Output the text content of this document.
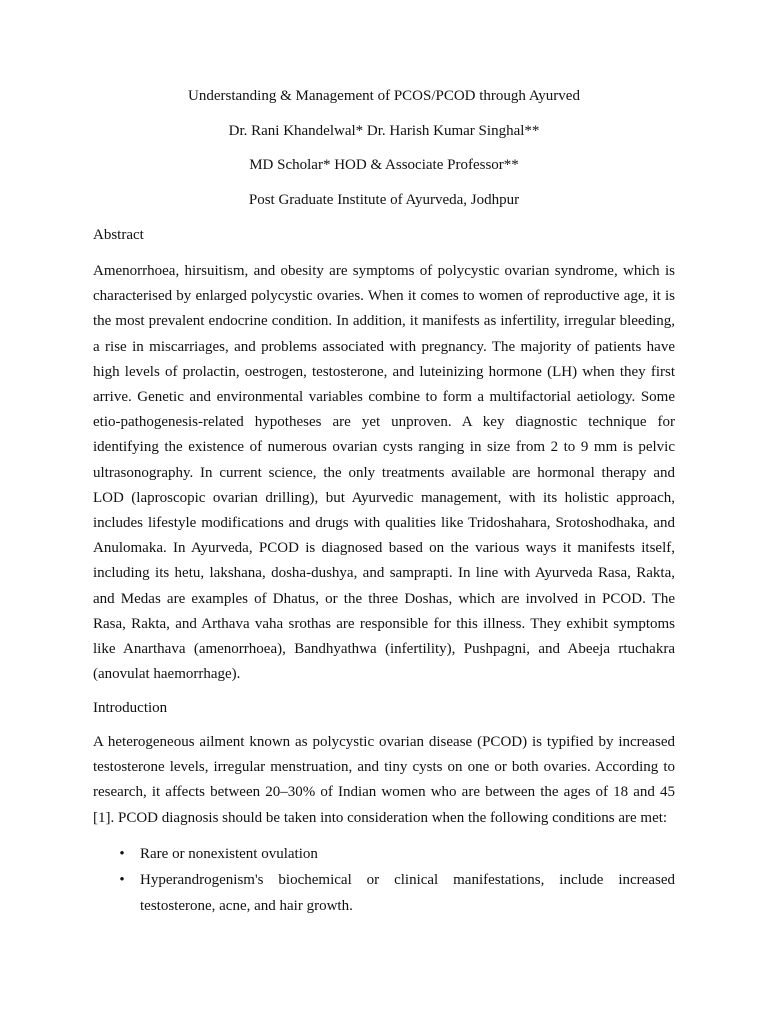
Understanding & Management of PCOS/PCOD through Ayurved

Dr. Rani Khandelwal* Dr. Harish Kumar Singhal**

MD Scholar* HOD & Associate Professor**

Post Graduate Institute of Ayurveda, Jodhpur

Abstract

Amenorrhoea, hirsuitism, and obesity are symptoms of polycystic ovarian syndrome, which is characterised by enlarged polycystic ovaries. When it comes to women of reproductive age, it is the most prevalent endocrine condition. In addition, it manifests as infertility, irregular bleeding, a rise in miscarriages, and problems associated with pregnancy. The majority of patients have high levels of prolactin, oestrogen, testosterone, and luteinizing hormone (LH) when they first arrive. Genetic and environmental variables combine to form a multifactorial aetiology. Some etio-pathogenesis-related hypotheses are yet unproven. A key diagnostic technique for identifying the existence of numerous ovarian cysts ranging in size from 2 to 9 mm is pelvic ultrasonography. In current science, the only treatments available are hormonal therapy and LOD (laproscopic ovarian drilling), but Ayurvedic management, with its holistic approach, includes lifestyle modifications and drugs with qualities like Tridoshahara, Srotoshodhaka, and Anulomaka. In Ayurveda, PCOD is diagnosed based on the various ways it manifests itself, including its hetu, lakshana, dosha-dushya, and samprapti. In line with Ayurveda Rasa, Rakta, and Medas are examples of Dhatus, or the three Doshas, which are involved in PCOD. The Rasa, Rakta, and Arthava vaha srothas are responsible for this illness. They exhibit symptoms like Anarthava (amenorrhoea), Bandhyathwa (infertility), Pushpagni, and Abeeja rtuchakra (anovulat haemorrhage).

Introduction

A heterogeneous ailment known as polycystic ovarian disease (PCOD) is typified by increased testosterone levels, irregular menstruation, and tiny cysts on one or both ovaries. According to research, it affects between 20–30% of Indian women who are between the ages of 18 and 45 [1]. PCOD diagnosis should be taken into consideration when the following conditions are met:

• Rare or nonexistent ovulation
• Hyperandrogenism's biochemical or clinical manifestations, include increased testosterone, acne, and hair growth.
